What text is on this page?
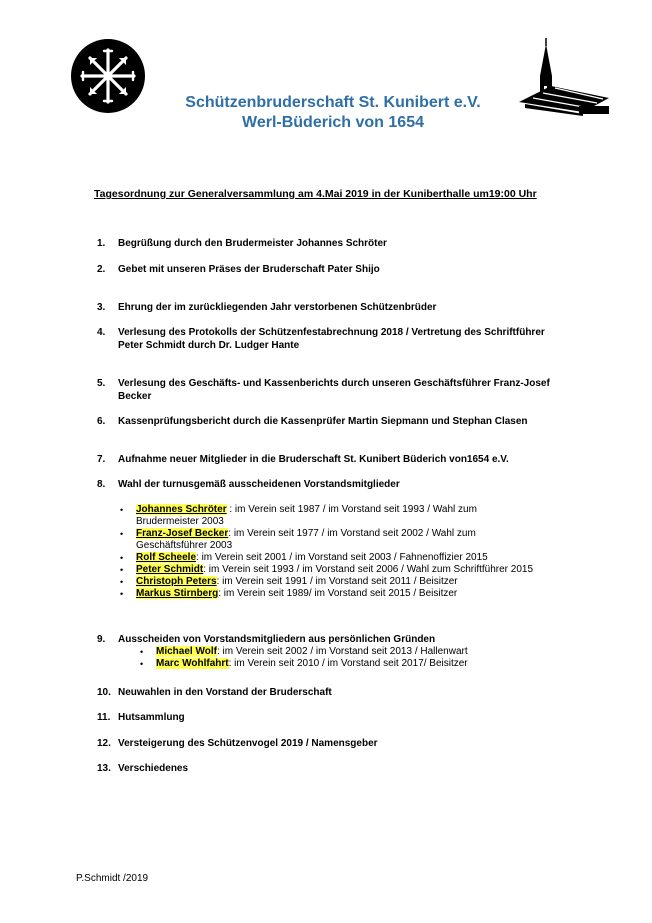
Schützenbruderschaft St. Kunibert e.V.
Werl-Büderich von 1654
Tagesordnung zur Generalversammlung am 4.Mai 2019 in der Kuniberthalle um19:00 Uhr
1.	Begrüßung durch den Brudermeister Johannes Schröter
2.	Gebet mit unseren Präses der Bruderschaft Pater Shijo
3.	Ehrung der im zurückliegenden Jahr verstorbenen Schützenbrüder
4.	Verlesung des Protokolls der Schützenfestabrechnung 2018 / Vertretung des Schriftführer Peter Schmidt durch Dr. Ludger Hante
5.	Verlesung des Geschäfts- und Kassenberichts durch unseren Geschäftsführer Franz-Josef Becker
6.	Kassenprüfungsbericht durch die Kassenprüfer Martin Siepmann und Stephan Clasen
7.	Aufnahme neuer Mitglieder in die Bruderschaft St. Kunibert Büderich von1654 e.V.
8.	Wahl der turnusgemäß ausscheidenen Vorstandsmitglieder
• Johannes Schröter : im Verein seit 1987 / im Vorstand seit 1993 / Wahl zum Brudermeister 2003
• Franz-Josef Becker: im Verein seit 1977 / im Vorstand seit 2002 / Wahl zum Geschäftsführer 2003
• Rolf Scheele: im Verein seit 2001 / im Vorstand seit 2003 / Fahnenoffizier 2015
• Peter Schmidt: im Verein seit 1993 / im Vorstand seit 2006 / Wahl zum Schriftführer 2015
• Christoph Peters: im Verein seit 1991 / im Vorstand seit 2011 / Beisitzer
• Markus Stirnberg: im Verein seit 1989/ im Vorstand seit 2015 / Beisitzer
9.	Ausscheiden von Vorstandsmitgliedern aus persönlichen Gründen
• Michael Wolf: im Verein seit 2002 / im Vorstand seit 2013 / Hallenwart
• Marc Wohlfahrt: im Verein seit 2010 / im Vorstand seit 2017/ Beisitzer
10. Neuwahlen in den Vorstand der Bruderschaft
11. Hutsammlung
12. Versteigerung des Schützenvogel 2019 / Namensgeber
13. Verschiedenes
P.Schmidt /2019
